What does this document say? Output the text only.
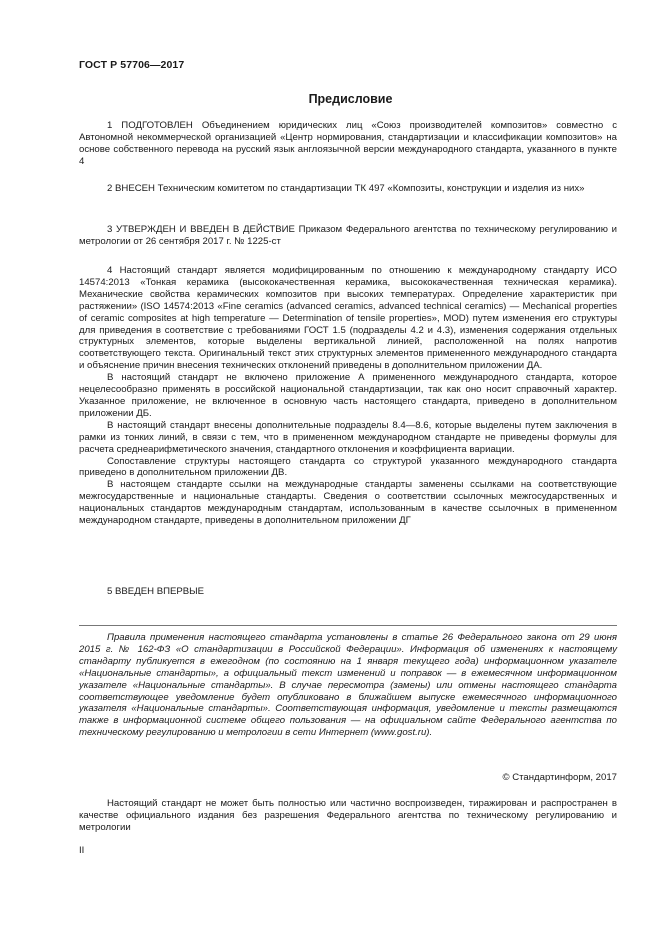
ГОСТ Р 57706—2017
Предисловие

1 ПОДГОТОВЛЕН Объединением юридических лиц «Союз производителей композитов» совместно с Автономной некоммерческой организацией «Центр нормирования, стандартизации и классификации композитов» на основе собственного перевода на русский язык англоязычной версии международного стандарта, указанного в пункте 4

2 ВНЕСЕН Техническим комитетом по стандартизации ТК 497 «Композиты, конструкции и изделия из них»

3 УТВЕРЖДЕН И ВВЕДЕН В ДЕЙСТВИЕ Приказом Федерального агентства по техническому регулированию и метрологии от 26 сентября 2017 г. № 1225-ст

4 Настоящий стандарт является модифицированным по отношению к международному стандарту ИСО 14574:2013 «Тонкая керамика (высококачественная керамика, высококачественная техническая керамика). Механические свойства керамических композитов при высоких температурах. Определение характеристик при растяжении» (ISO 14574:2013 «Fine ceramics (advanced ceramics, advanced technical ceramics) — Mechanical properties of ceramic composites at high temperature — Determination of tensile properties», MOD) путем изменения его структуры для приведения в соответствие с требованиями ГОСТ 1.5 (подразделы 4.2 и 4.3), изменения содержания отдельных структурных элементов, которые выделены вертикальной линией, расположенной на полях напротив соответствующего текста. Оригинальный текст этих структурных элементов примененного международного стандарта и объяснение причин внесения технических отклонений приведены в дополнительном приложении ДА.

В настоящий стандарт не включено приложение А примененного международного стандарта, которое нецелесообразно применять в российской национальной стандартизации, так как оно носит справочный характер. Указанное приложение, не включенное в основную часть настоящего стандарта, приведено в дополнительном приложении ДБ.

В настоящий стандарт внесены дополнительные подразделы 8.4—8.6, которые выделены путем заключения в рамки из тонких линий, в связи с тем, что в примененном международном стандарте не приведены формулы для расчета среднеарифметического значения, стандартного отклонения и коэффициента вариации.

Сопоставление структуры настоящего стандарта со структурой указанного международного стандарта приведено в дополнительном приложении ДВ.

В настоящем стандарте ссылки на международные стандарты заменены ссылками на соответствующие межгосударственные и национальные стандарты. Сведения о соответствии ссылочных межгосударственных и национальных стандартов международным стандартам, использованным в качестве ссылочных в примененном международном стандарте, приведены в дополнительном приложении ДГ

5 ВВЕДЕН ВПЕРВЫЕ

Правила применения настоящего стандарта установлены в статье 26 Федерального закона от 29 июня 2015 г. № 162-ФЗ «О стандартизации в Российской Федерации». Информация об изменениях к настоящему стандарту публикуется в ежегодном (по состоянию на 1 января текущего года) информационном указателе «Национальные стандарты», а официальный текст изменений и поправок — в ежемесячном информационном указателе «Национальные стандарты». В случае пересмотра (замены) или отмены настоящего стандарта соответствующее уведомление будет опубликовано в ближайшем выпуске ежемесячного информационного указателя «Национальные стандарты». Соответствующая информация, уведомление и тексты размещаются также в информационной системе общего пользования — на официальном сайте Федерального агентства по техническому регулированию и метрологии в сети Интернет (www.gost.ru).

© Стандартинформ, 2017

Настоящий стандарт не может быть полностью или частично воспроизведен, тиражирован и распространен в качестве официального издания без разрешения Федерального агентства по техническому регулированию и метрологии

II
